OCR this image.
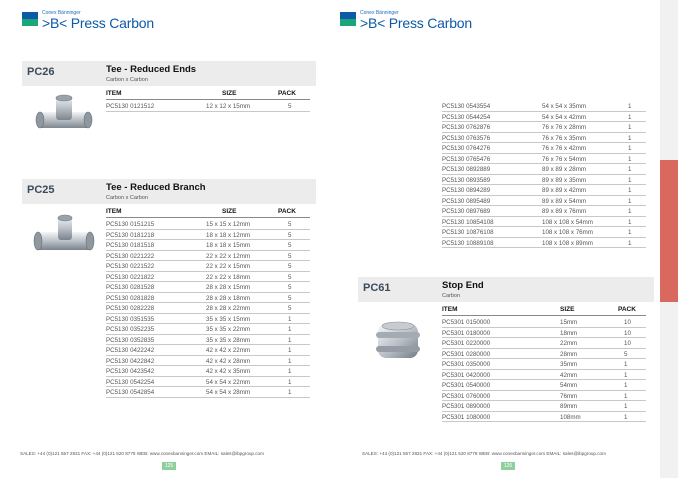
Conex Bänninger
>B< Press Carbon
PC26	Tee - Reduced Ends
Carbon x Carbon
ITEM	SIZE	PACK
PC5130 0121512	12 x 12 x 15mm	5
PC25	Tee - Reduced Branch
Carbon x Carbon
ITEM	SIZE	PACK
PC5130 0151215	15 x 15 x 12mm	5
PC5130 0181218	18 x 18 x 12mm	5
PC5130 0181518	18 x 18 x 15mm	5
PC5130 0221222	22 x 22 x 12mm	5
PC5130 0221522	22 x 22 x 15mm	5
PC5130 0221822	22 x 22 x 18mm	5
PC5130 0281528	28 x 28 x 15mm	5
PC5130 0281828	28 x 28 x 18mm	5
PC5130 0282228	28 x 28 x 22mm	5
PC5130 0351535	35 x 35 x 15mm	1
PC5130 0352235	35 x 35 x 22mm	1
PC5130 0352835	35 x 35 x 28mm	1
PC5130 0422242	42 x 42 x 22mm	1
PC5130 0422842	42 x 42 x 28mm	1
PC5130 0423542	42 x 42 x 35mm	1
PC5130 0542254	54 x 54 x 22mm	1
PC5130 0542854	54 x 54 x 28mm	1
SALES: +44 (0)121 557 2831 FAX: +44 (0)121 520 8778 WEB: www.conexbanninger.com EMAIL: sales@ibpgroup.com
125
Conex Bänninger
>B< Press Carbon
PC5130 0543554	54 x 54 x 35mm	1
PC5130 0544254	54 x 54 x 42mm	1
PC5130 0762876	76 x 76 x 28mm	1
PC5130 0763576	76 x 76 x 35mm	1
PC5130 0764276	76 x 76 x 42mm	1
PC5130 0765476	76 x 76 x 54mm	1
PC5130 0892889	89 x 89 x 28mm	1
PC5130 0893589	89 x 89 x 35mm	1
PC5130 0894289	89 x 89 x 42mm	1
PC5130 0895489	89 x 89 x 54mm	1
PC5130 0897689	89 x 89 x 76mm	1
PC5130 10854108	108 x 108 x 54mm	1
PC5130 10876108	108 x 108 x 76mm	1
PC5130 10889108	108 x 108 x 89mm	1
PC61	Stop End
Carbon
ITEM	SIZE	PACK
PC5301 0150000	15mm	10
PC5301 0180000	18mm	10
PC5301 0220000	22mm	10
PC5301 0280000	28mm	5
PC5301 0350000	35mm	1
PC5301 0420000	42mm	1
PC5301 0540000	54mm	1
PC5301 0760000	76mm	1
PC5301 0890000	89mm	1
PC5301 1080000	108mm	1
SALES: +44 (0)121 557 2831 FAX: +44 (0)121 520 8778 WEB: www.conexbanninger.com EMAIL: sales@ibpgroup.com
126
